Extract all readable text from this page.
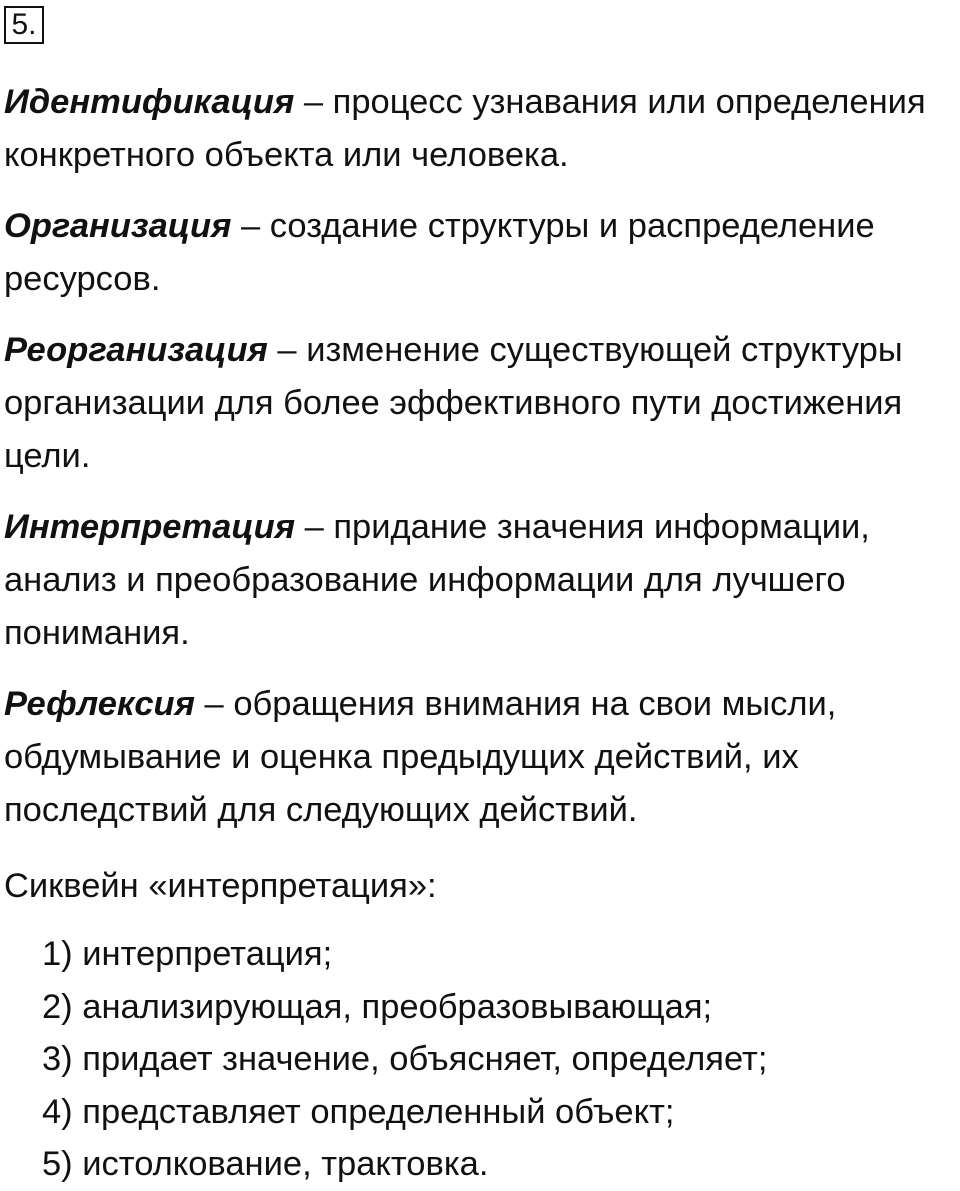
5.

Идентификация – процесс узнавания или определения конкретного объекта или человека.

Организация – создание структуры и распределение ресурсов.

Реорганизация – изменение существующей структуры организации для более эффективного пути достижения цели.

Интерпретация – придание значения информации, анализ и преобразование информации для лучшего понимания.

Рефлексия – обращения внимания на свои мысли, обдумывание и оценка предыдущих действий, их последствий для следующих действий.

Сиквейн «интерпретация»:

1) интерпретация;
2) анализирующая, преобразовывающая;
3) придает значение, объясняет, определяет;
4) представляет определенный объект;
5) истолкование, трактовка.
